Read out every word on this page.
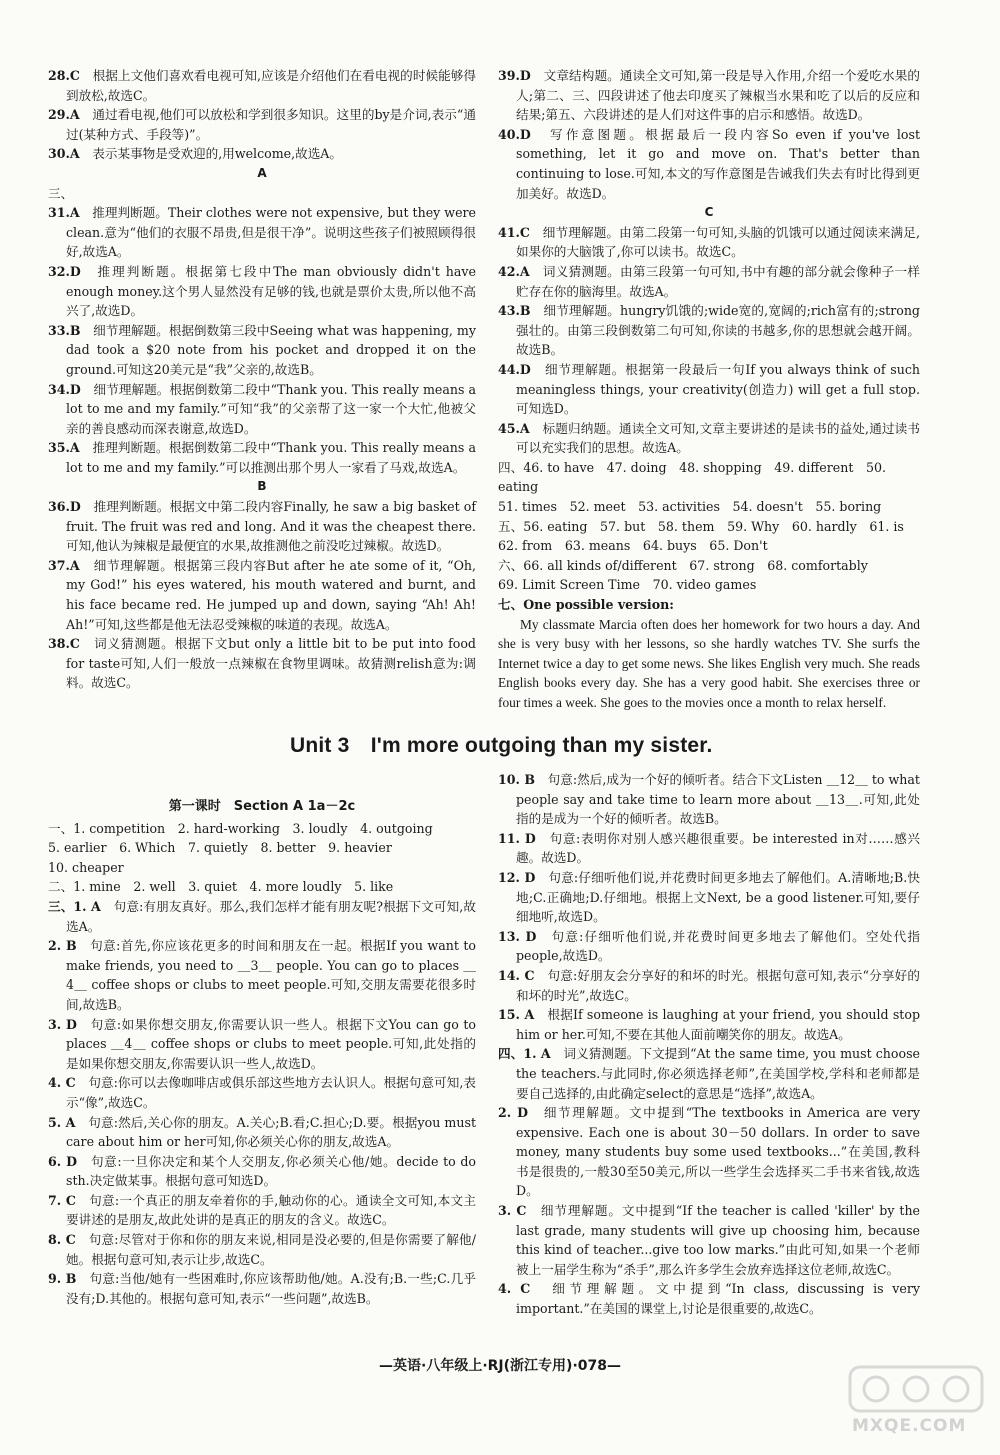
28.C　 根据上文他们喜欢看电视可知,应该是介绍他们在看电视的时候能够得到放松,故选C。

29.A　 通过看电视,他们可以放松和学到很多知识。这里的by是介词,表示“通过(某种方式、手段等)”。

30.A　 表示某事物是受欢迎的,用welcome,故选A。

A

三、

31.A　 推理判断题。Their clothes were not expensive, but they were clean.意为“他们的衣服不昂贵,但是很干净”。说明这些孩子们被照顾得很好,故选A。

32.D　 推理判断题。根据第七段中The man obviously didn't have enough money.这个男人显然没有足够的钱,也就是票价太贵,所以他不高兴了,故选D。

33.B　 细节理解题。根据倒数第三段中Seeing what was happening, my dad took a $20 note from his pocket and dropped it on the ground.可知这20美元是“我”父亲的,故选B。

34.D　 细节理解题。根据倒数第二段中“Thank you. This really means a lot to me and my family.”可知“我”的父亲帮了这一家一个大忙,他被父亲的善良感动而深表谢意,故选D。

35.A　 推理判断题。根据倒数第二段中“Thank you. This really means a lot to me and my family.”可以推测出那个男人一家看了马戏,故选A。

B

36.D　 推理判断题。根据文中第二段内容Finally, he saw a big basket of fruit. The fruit was red and long. And it was the cheapest there.可知,他认为辣椒是最便宜的水果,故推测他之前没吃过辣椒。故选D。

37.A　 细节理解题。根据第三段内容But after he ate some of it, “Oh, my God!” his eyes watered, his mouth watered and burnt, and his face became red. He jumped up and down, saying “Ah! Ah! Ah!”可知,这些都是他无法忍受辣椒的味道的表现。故选A。

38.C　 词义猜测题。根据下文but only a little bit to be put into food for taste可知,人们一般放一点辣椒在食物里调味。故猜测relish意为:调料。故选C。

39.D　 文章结构题。通读全文可知,第一段是导入作用,介绍一个爱吃水果的人;第二、三、四段讲述了他去印度买了辣椒当水果和吃了以后的反应和结果;第五、六段讲述的是人们对这件事的启示和感悟。故选D。

40.D　 写作意图题。根据最后一段内容So even if you've lost something, let it go and move on. That's better than continuing to lose.可知,本文的写作意图是告诫我们失去有时比得到更加美好。故选D。

C

41.C　 细节理解题。由第二段第一句可知,头脑的饥饿可以通过阅读来满足,如果你的大脑饿了,你可以读书。故选C。

42.A　 词义猜测题。由第三段第一句可知,书中有趣的部分就会像种子一样贮存在你的脑海里。故选A。

43.B　 细节理解题。hungry饥饿的;wide宽的,宽阔的;rich富有的;strong强壮的。由第三段倒数第二句可知,你读的书越多,你的思想就会越开阔。故选B。

44.D　 细节理解题。根据第一段最后一句If you always think of such meaningless things, your creativity(创造力) will get a full stop.可知选D。

45.A　 标题归纳题。通读全文可知,文章主要讲述的是读书的益处,通过读书可以充实我们的思想。故选A。

四、46. to have　47. doing　48. shopping　49. different　50. eating

51. times　52. meet　53. activities　54. doesn't　55. boring

五、56. eating　57. but　58. them　59. Why　60. hardly　61. is

62. from　63. means　64. buys　65. Don't

六、66. all kinds of/different　67. strong　68. comfortably

69. Limit Screen Time　70. video games

七、One possible version:

My classmate Marcia often does her homework for two hours a day. And she is very busy with her lessons, so she hardly watches TV. She surfs the Internet twice a day to get some news. She likes English very much. She reads English books every day. She has a very good habit. She exercises three or four times a week. She goes to the movies once a month to relax herself.

Unit 3　I'm more outgoing than my sister.

第一课时　Section A 1a－2c

一、1. competition　2. hard-working　3. loudly　4. outgoing

5. earlier　6. Which　7. quietly　8. better　9. heavier

10. cheaper

二、1. mine　2. well　3. quiet　4. more loudly　5. like

三、1. A　 句意:有朋友真好。那么,我们怎样才能有朋友呢?根据下文可知,故选A。

2. B　 句意:首先,你应该花更多的时间和朋友在一起。根据If you want to make friends, you need to ＿3＿ people. You can go to places ＿4＿ coffee shops or clubs to meet people.可知,交朋友需要花很多时间,故选B。

3. D　 句意:如果你想交朋友,你需要认识一些人。根据下文You can go to places ＿4＿ coffee shops or clubs to meet people.可知,此处指的是如果你想交朋友,你需要认识一些人,故选D。

4. C　 句意:你可以去像咖啡店或俱乐部这些地方去认识人。根据句意可知,表示“像”,故选C。

5. A　 句意:然后,关心你的朋友。A.关心;B.看;C.担心;D.要。根据you must care about him or her可知,你必须关心你的朋友,故选A。

6. D　 句意:一旦你决定和某个人交朋友,你必须关心他/她。decide to do sth.决定做某事。根据句意可知选D。

7. C　 句意:一个真正的朋友牵着你的手,触动你的心。通读全文可知,本文主要讲述的是朋友,故此处讲的是真正的朋友的含义。故选C。

8. C　 句意:尽管对于你和你的朋友来说,相同是没必要的,但是你需要了解他/她。根据句意可知,表示让步,故选C。

9. B　 句意:当他/她有一些困难时,你应该帮助他/她。A.没有;B.一些;C.几乎没有;D.其他的。根据句意可知,表示“一些问题”,故选B。

10. B　 句意:然后,成为一个好的倾听者。结合下文Listen ＿12＿ to what people say and take time to learn more about ＿13＿.可知,此处指的是成为一个好的倾听者。故选B。

11. D　 句意:表明你对别人感兴趣很重要。be interested in对……感兴趣。故选D。

12. D　 句意:仔细听他们说,并花费时间更多地去了解他们。A.清晰地;B.快地;C.正确地;D.仔细地。根据上文Next, be a good listener.可知,要仔细地听,故选D。

13. D　 句意:仔细听他们说,并花费时间更多地去了解他们。空处代指people,故选D。

14. C　 句意:好朋友会分享好的和坏的时光。根据句意可知,表示“分享好的和坏的时光”,故选C。

15. A　 根据If someone is laughing at your friend, you should stop him or her.可知,不要在其他人面前嘲笑你的朋友。故选A。

四、1. A　 词义猜测题。下文提到“At the same time, you must choose the teachers.与此同时,你必须选择老师”,在美国学校,学科和老师都是要自己选择的,由此确定select的意思是“选择”,故选A。

2. D　 细节理解题。文中提到“The textbooks in America are very expensive. Each one is about 30－50 dollars. In order to save money, many students buy some used textbooks...”在美国,教科书是很贵的,一般30至50美元,所以一些学生会选择买二手书来省钱,故选D。

3. C　 细节理解题。文中提到“If the teacher is called 'killer' by the last grade, many students will give up choosing him, because this kind of teacher...give too low marks.”由此可知,如果一个老师被上一届学生称为“杀手”,那么许多学生会放弃选择这位老师,故选C。

4. C　 细节理解题。文中提到“In class, discussing is very important.”在美国的课堂上,讨论是很重要的,故选C。

—英语·八年级上·RJ(浙江专用)·078—
MXQE.COM
